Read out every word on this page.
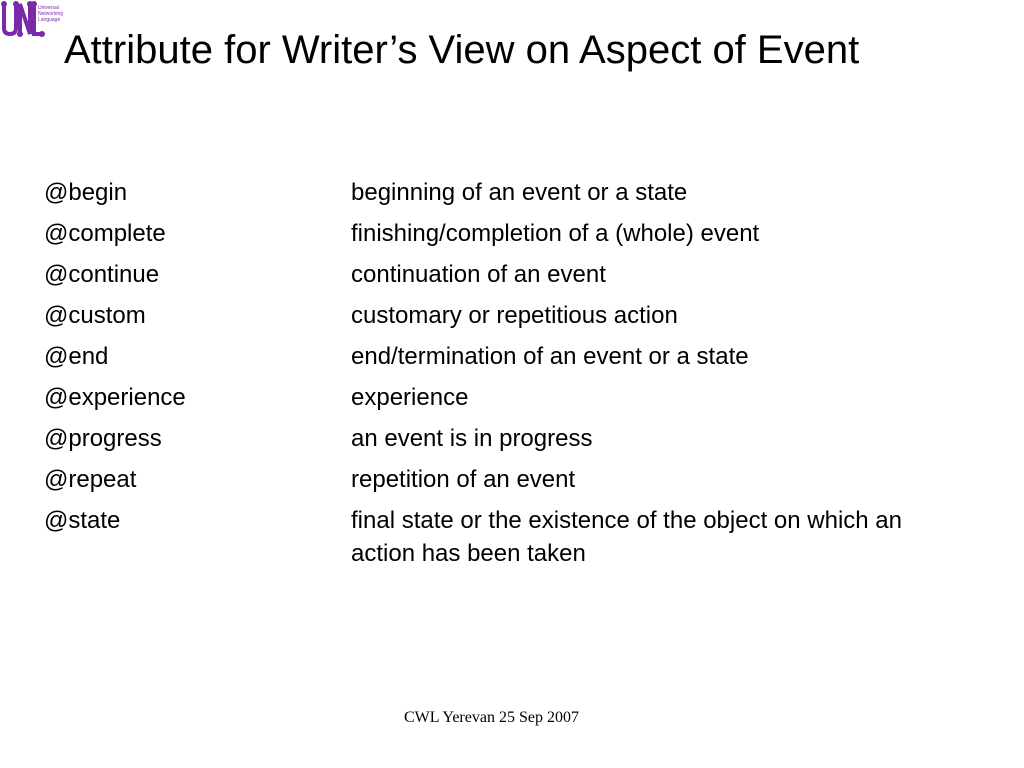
Universal
Networking
Language
Attribute for Writer’s View on Aspect of Event
@begin	beginning of an event or a state
@complete	finishing/completion of a (whole) event
@continue	continuation of an event
@custom	customary or repetitious action
@end	end/termination of an event or a state
@experience	experience
@progress	an event is in progress
@repeat	repetition of an event
@state	final state or the existence of the object on which an action has been taken
CWL Yerevan 25 Sep 2007
